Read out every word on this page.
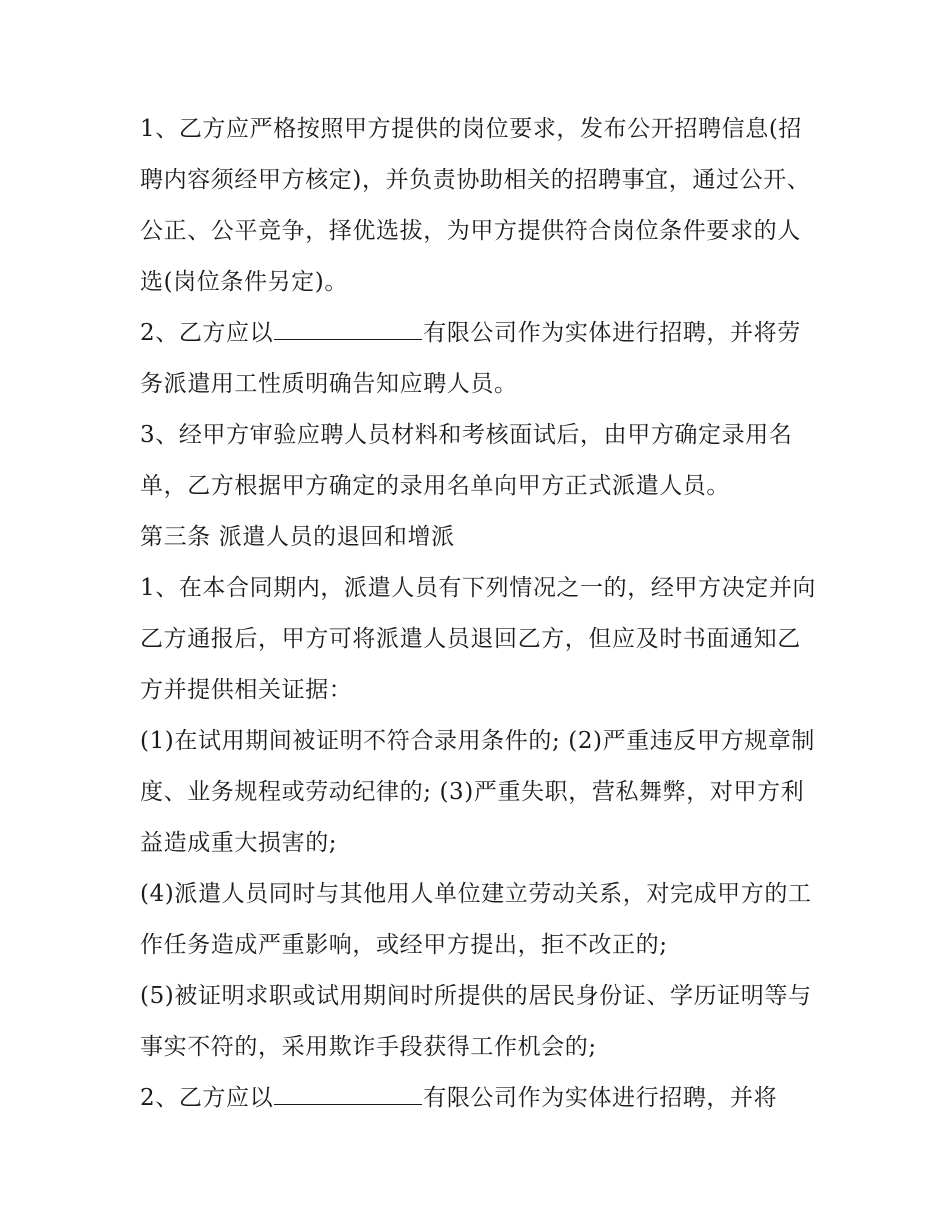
1、乙方应严格按照甲方提供的岗位要求，发布公开招聘信息(招聘内容须经甲方核定)，并负责协助相关的招聘事宜，通过公开、公正、公平竞争，择优选拔，为甲方提供符合岗位条件要求的人选(岗位条件另定)。

2、乙方应以	有限公司作为实体进行招聘，并将劳务派遣用工性质明确告知应聘人员。

3、经甲方审验应聘人员材料和考核面试后，由甲方确定录用名单，乙方根据甲方确定的录用名单向甲方正式派遣人员。

第三条 派遣人员的退回和增派

1、在本合同期内，派遣人员有下列情况之一的，经甲方决定并向乙方通报后，甲方可将派遣人员退回乙方，但应及时书面通知乙方并提供相关证据：

(1)在试用期间被证明不符合录用条件的; (2)严重违反甲方规章制度、业务规程或劳动纪律的; (3)严重失职，营私舞弊，对甲方利益造成重大损害的;

(4)派遣人员同时与其他用人单位建立劳动关系，对完成甲方的工作任务造成严重影响，或经甲方提出，拒不改正的;

(5)被证明求职或试用期间时所提供的居民身份证、学历证明等与事实不符的，采用欺诈手段获得工作机会的;

2、乙方应以	有限公司作为实体进行招聘，并将
